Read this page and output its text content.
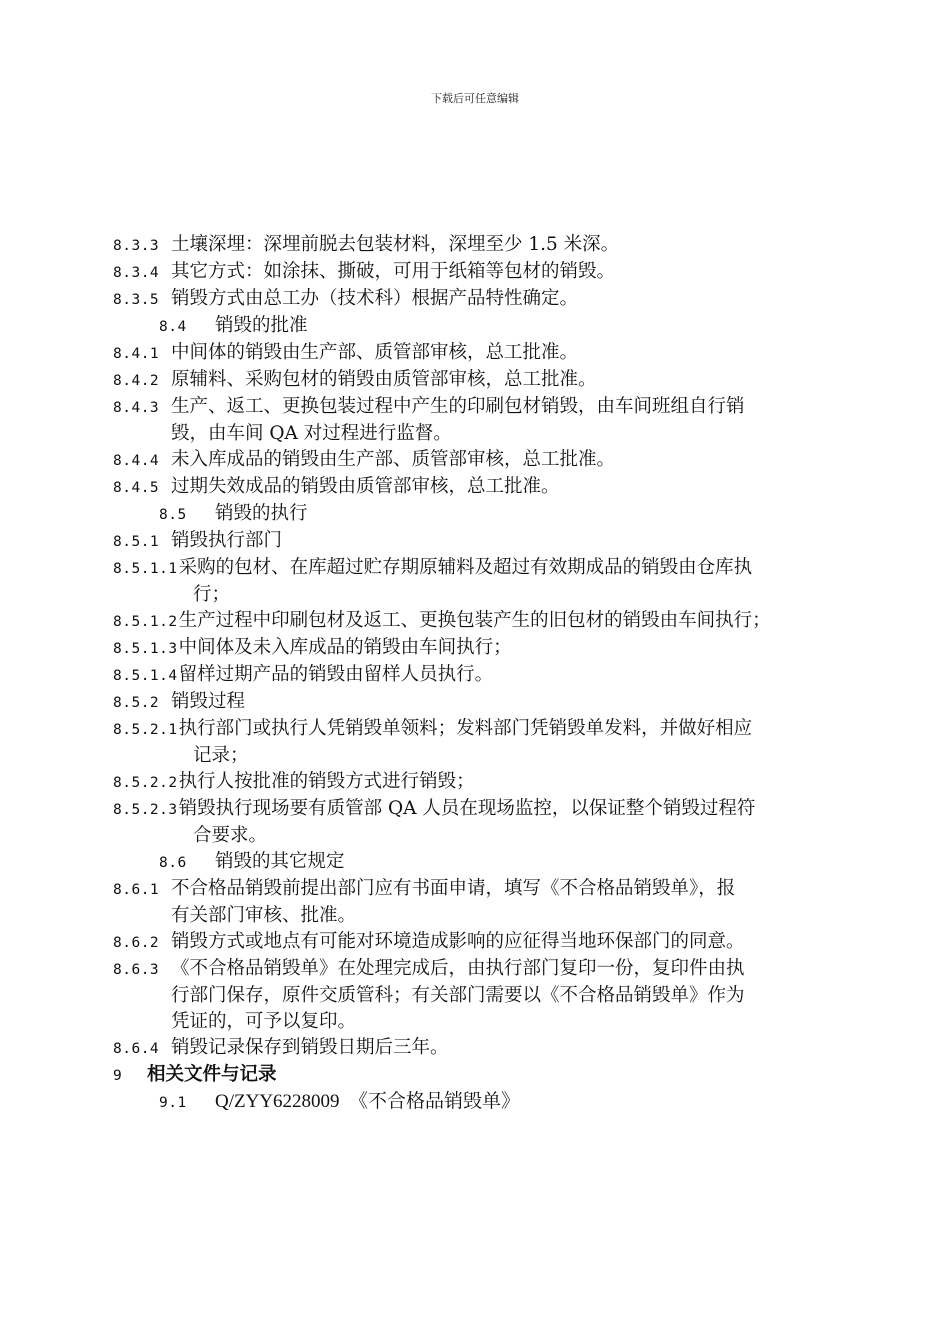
下载后可任意编辑
8.3.3 土壤深埋：深埋前脱去包装材料，深埋至少 1.5 米深。
8.3.4 其它方式：如涂抹、撕破，可用于纸箱等包材的销毁。
8.3.5 销毁方式由总工办（技术科）根据产品特性确定。
8.4 销毁的批准
8.4.1 中间体的销毁由生产部、质管部审核，总工批准。
8.4.2 原辅料、采购包材的销毁由质管部审核，总工批准。
8.4.3 生产、返工、更换包装过程中产生的印刷包材销毁，由车间班组自行销
毁，由车间 QA 对过程进行监督。
8.4.4 未入库成品的销毁由生产部、质管部审核，总工批准。
8.4.5 过期失效成品的销毁由质管部审核，总工批准。
8.5 销毁的执行
8.5.1 销毁执行部门
8.5.1.1采购的包材、在库超过贮存期原辅料及超过有效期成品的销毁由仓库执
行；
8.5.1.2生产过程中印刷包材及返工、更换包装产生的旧包材的销毁由车间执行；
8.5.1.3中间体及未入库成品的销毁由车间执行；
8.5.1.4留样过期产品的销毁由留样人员执行。
8.5.2 销毁过程
8.5.2.1执行部门或执行人凭销毁单领料；发料部门凭销毁单发料，并做好相应
记录；
8.5.2.2执行人按批准的销毁方式进行销毁；
8.5.2.3销毁执行现场要有质管部 QA 人员在现场监控，以保证整个销毁过程符
合要求。
8.6 销毁的其它规定
8.6.1 不合格品销毁前提出部门应有书面申请，填写《不合格品销毁单》，报
有关部门审核、批准。
8.6.2 销毁方式或地点有可能对环境造成影响的应征得当地环保部门的同意。
8.6.3 《不合格品销毁单》在处理完成后，由执行部门复印一份，复印件由执
行部门保存，原件交质管科；有关部门需要以《不合格品销毁单》作为
凭证的，可予以复印。
8.6.4 销毁记录保存到销毁日期后三年。
9 相关文件与记录
9.1 Q/ZYY6228009　《不合格品销毁单》
